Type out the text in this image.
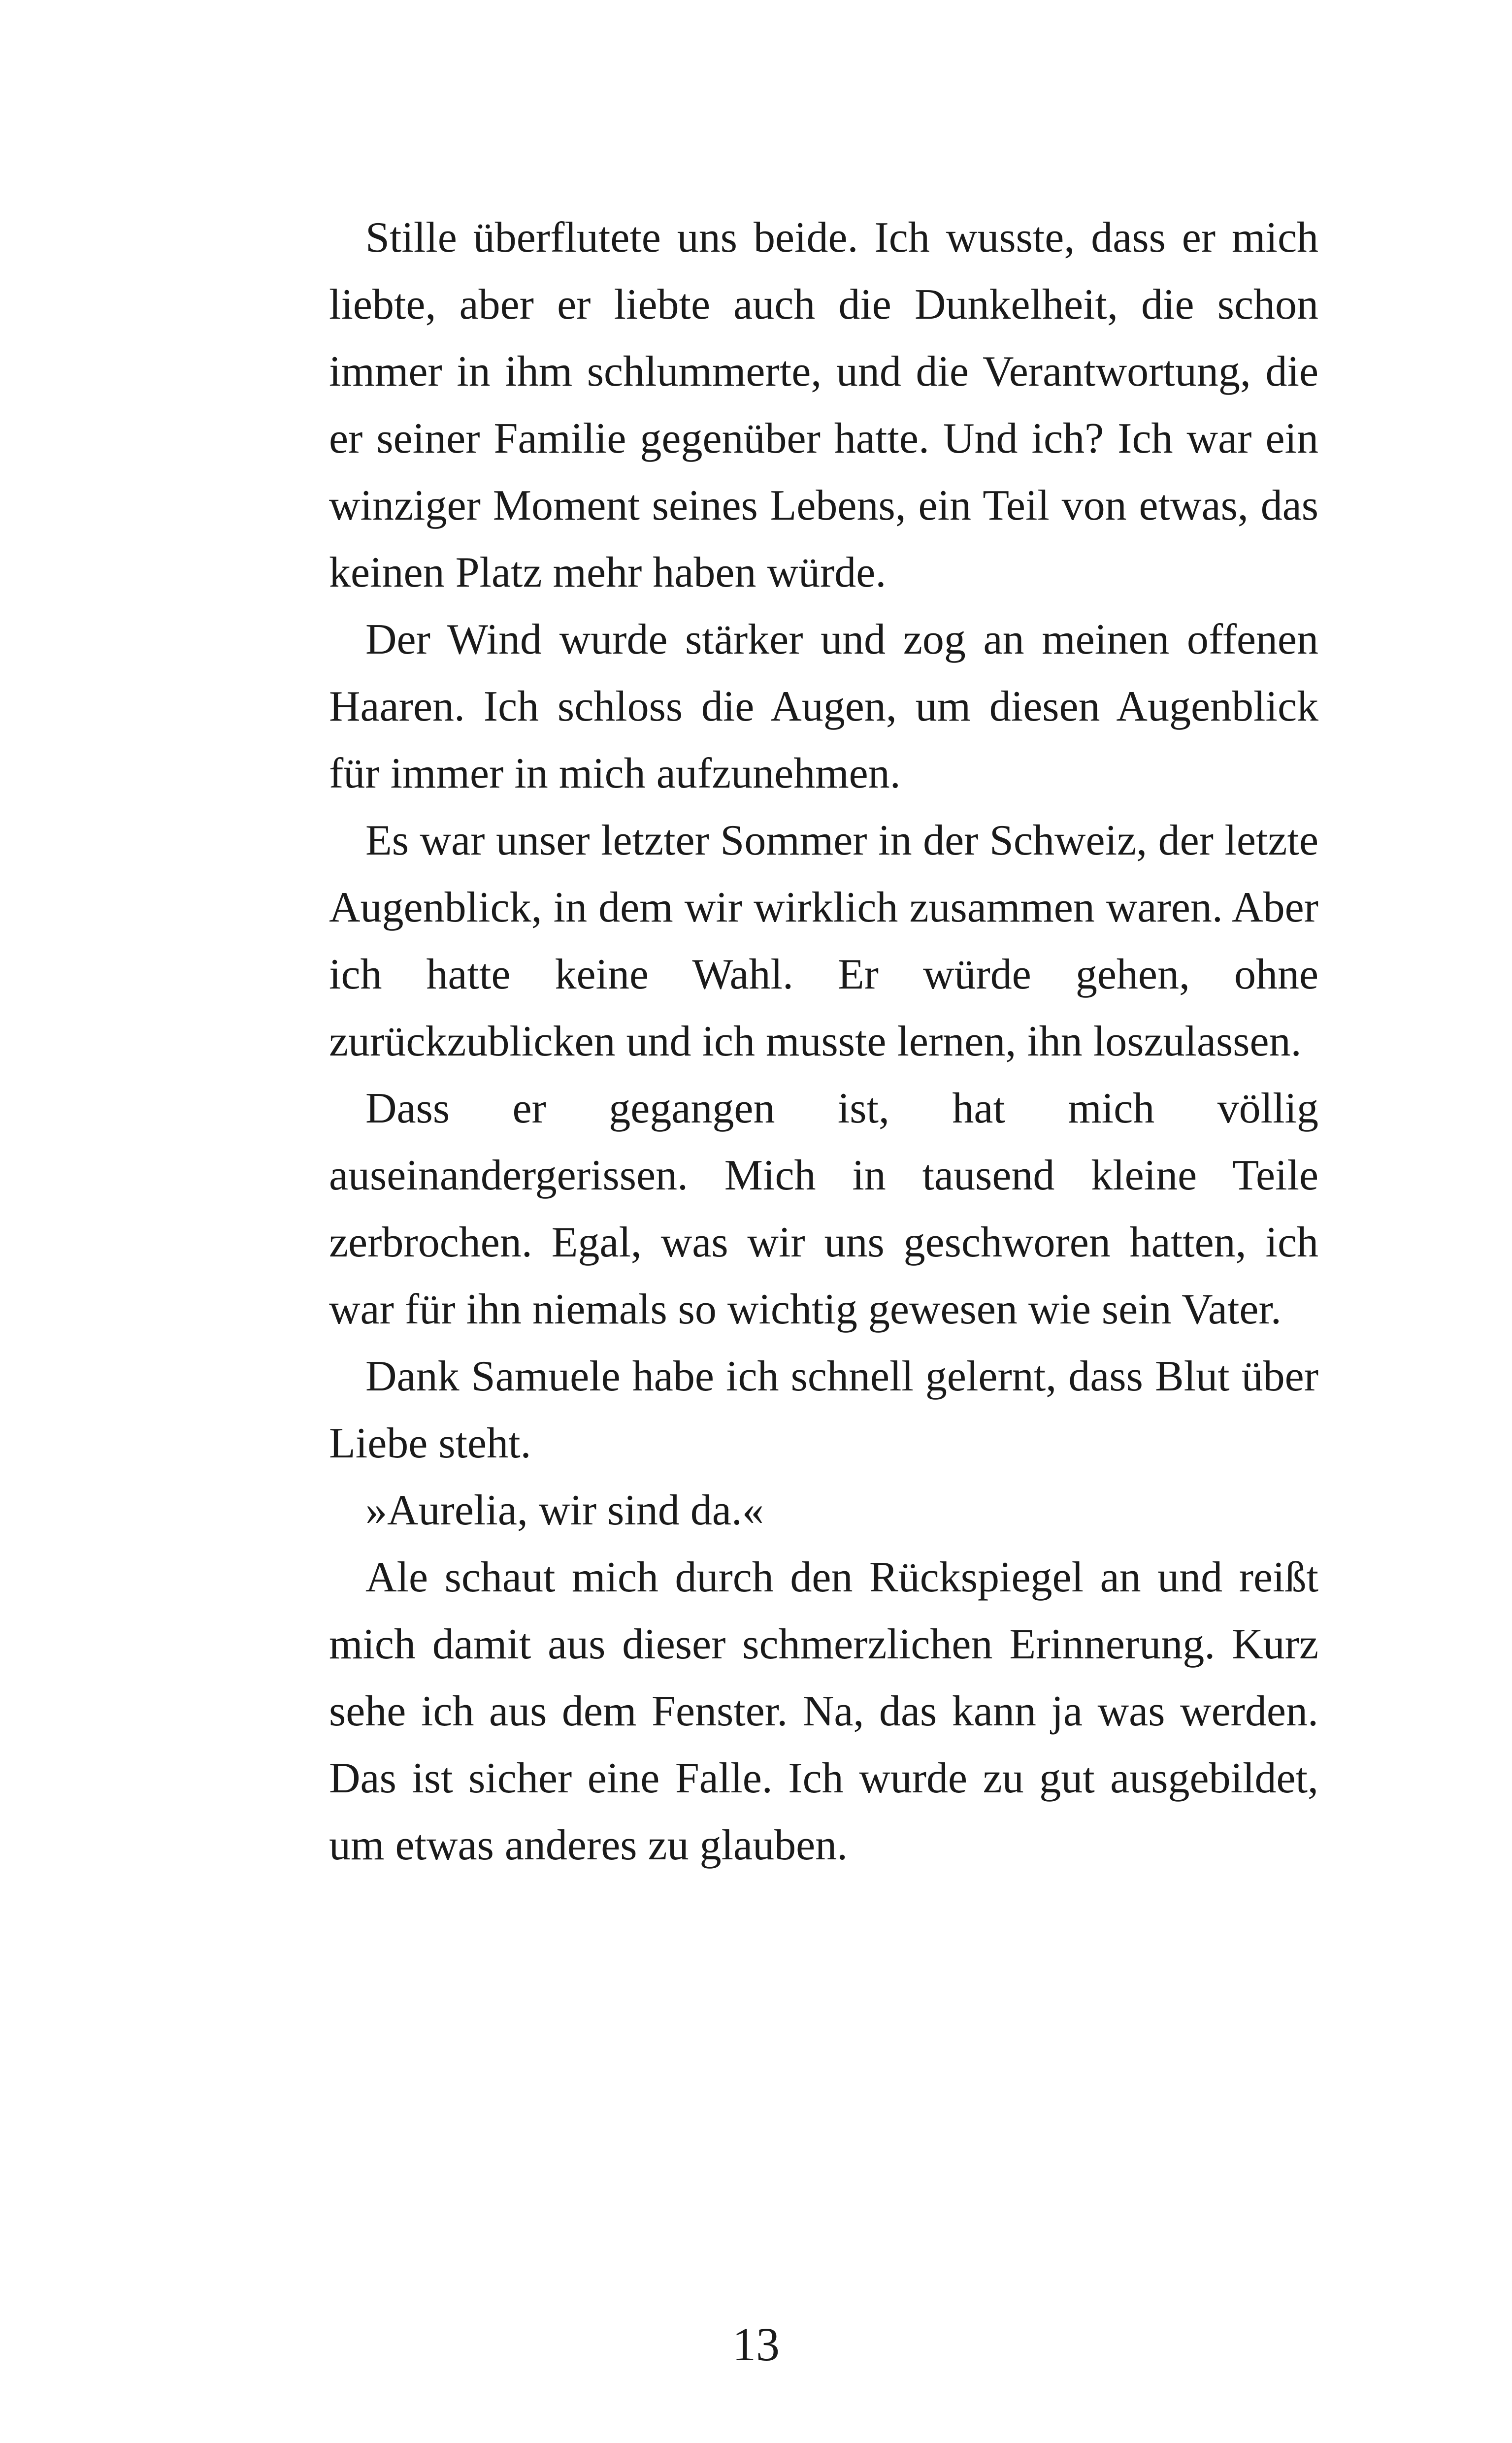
Stille überflutete uns beide. Ich wusste, dass er mich liebte, aber er liebte auch die Dunkelheit, die schon immer in ihm schlummerte, und die Verantwortung, die er seiner Familie gegenüber hatte. Und ich? Ich war ein winziger Moment seines Lebens, ein Teil von etwas, das keinen Platz mehr haben würde.

Der Wind wurde stärker und zog an meinen offenen Haaren. Ich schloss die Augen, um diesen Augenblick für immer in mich aufzunehmen.

Es war unser letzter Sommer in der Schweiz, der letzte Augenblick, in dem wir wirklich zusammen waren. Aber ich hatte keine Wahl. Er würde gehen, ohne zurückzublicken und ich musste lernen, ihn loszulassen.

Dass er gegangen ist, hat mich völlig auseinandergerissen. Mich in tausend kleine Teile zerbrochen. Egal, was wir uns geschworen hatten, ich war für ihn niemals so wichtig gewesen wie sein Vater.

Dank Samuele habe ich schnell gelernt, dass Blut über Liebe steht.

»Aurelia, wir sind da.«

Ale schaut mich durch den Rückspiegel an und reißt mich damit aus dieser schmerzlichen Erinnerung. Kurz sehe ich aus dem Fenster. Na, das kann ja was werden. Das ist sicher eine Falle. Ich wurde zu gut ausgebildet, um etwas anderes zu glauben.

13
